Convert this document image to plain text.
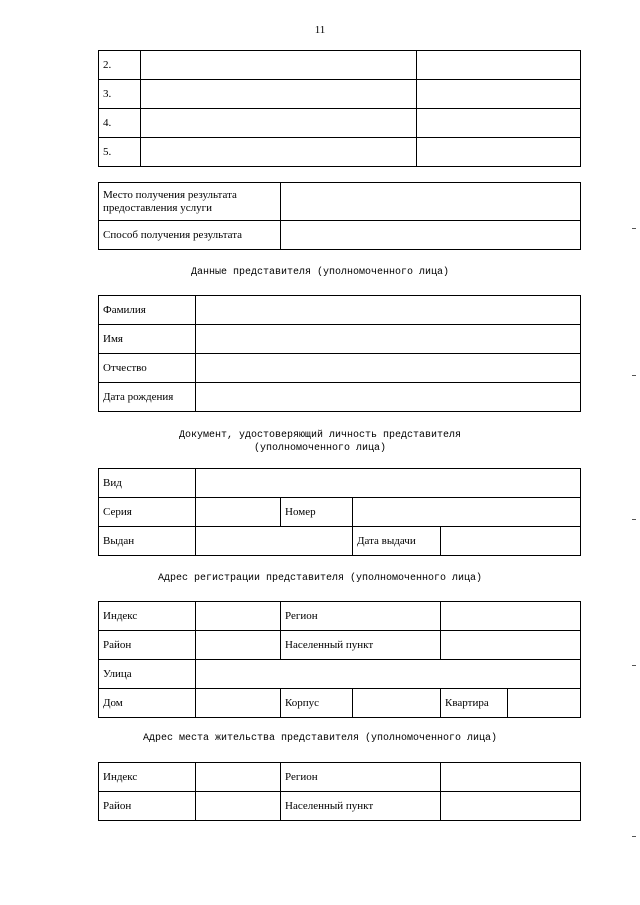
11
2.		
3.		
4.		
5.		
Место получения результата предоставления услуги	
Способ получения результата	
Данные представителя (уполномоченного лица)
Фамилия	
Имя	
Отчество	
Дата рождения	
Документ, удостоверяющий личность представителя
(уполномоченного лица)
Вид				
Серия		Номер		
Выдан			Дата выдачи	
Адрес регистрации представителя (уполномоченного лица)
Индекс		Регион			
Район		Населенный пункт			
Улица					
Дом		Корпус		Квартира	
Адрес места жительства представителя (уполномоченного лица)
Индекс		Регион	
Район		Населенный пункт	
